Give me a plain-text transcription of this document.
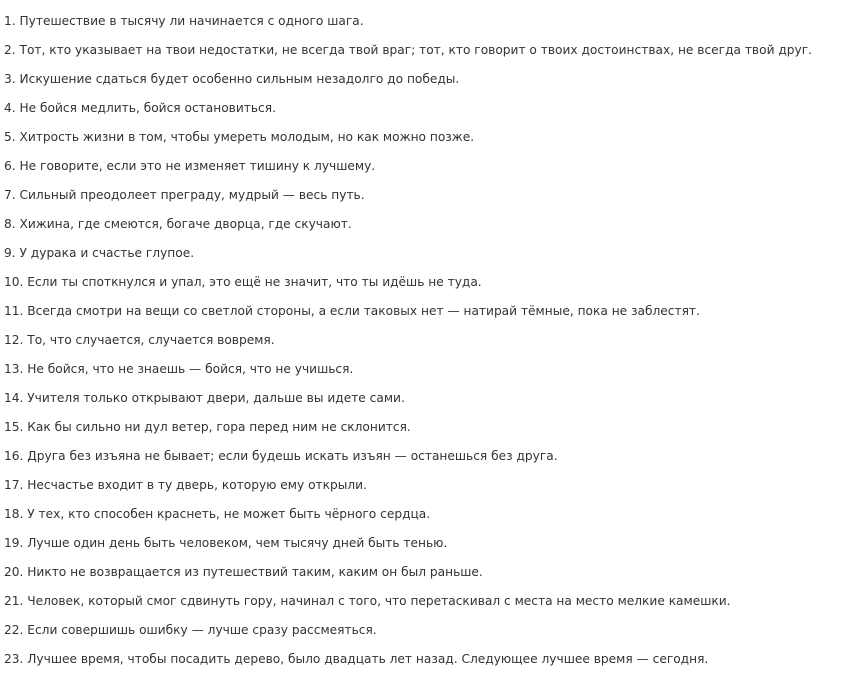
1. Путешествие в тысячу ли начинается с одного шага.

2. Тот, кто указывает на твои недостатки, не всегда твой враг; тот, кто говорит о твоих достоинствах, не всегда твой друг.

3. Искушение сдаться будет особенно сильным незадолго до победы.

4. Не бойся медлить, бойся остановиться.

5. Хитрость жизни в том, чтобы умереть молодым, но как можно позже.

6. Не говорите, если это не изменяет тишину к лучшему.

7. Сильный преодолеет преграду, мудрый — весь путь.

8. Хижина, где смеются, богаче дворца, где скучают.

9. У дурака и счастье глупое.

10. Если ты споткнулся и упал, это ещё не значит, что ты идёшь не туда.

11. Всегда смотри на вещи со светлой стороны, а если таковых нет — натирай тёмные, пока не заблестят.

12. То, что случается, случается вовремя.

13. Не бойся, что не знаешь — бойся, что не учишься.

14. Учителя только открывают двери, дальше вы идете сами.

15. Как бы сильно ни дул ветер, гора перед ним не склонится.

16. Друга без изъяна не бывает; если будешь искать изъян — останешься без друга.

17. Несчастье входит в ту дверь, которую ему открыли.

18. У тех, кто способен краснеть, не может быть чёрного сердца.

19. Лучше один день быть человеком, чем тысячу дней быть тенью.

20. Никто не возвращается из путешествий таким, каким он был раньше.

21. Человек, который смог сдвинуть гору, начинал с того, что перетаскивал с места на место мелкие камешки.

22. Если совершишь ошибку — лучше сразу рассмеяться.

23. Лучшее время, чтобы посадить дерево, было двадцать лет назад. Следующее лучшее время — сегодня.
